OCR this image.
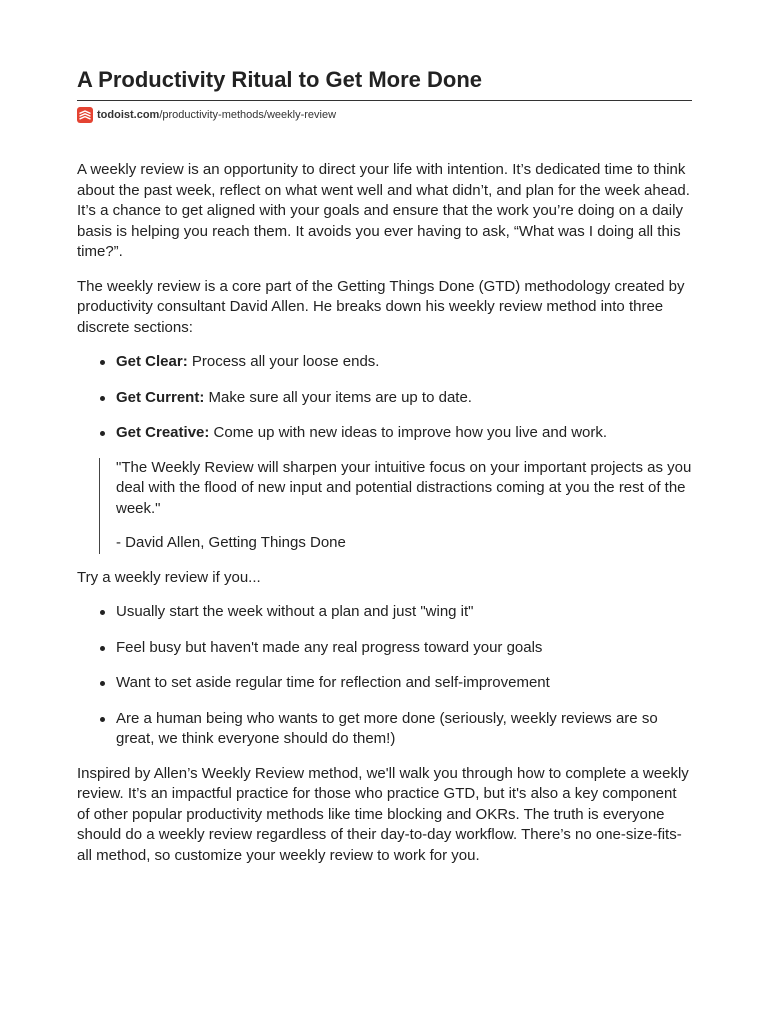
A Productivity Ritual to Get More Done
todoist.com /productivity-methods/weekly-review

A weekly review is an opportunity to direct your life with intention. It’s dedicated time to think about the past week, reflect on what went well and what didn’t, and plan for the week ahead. It’s a chance to get aligned with your goals and ensure that the work you’re doing on a daily basis is helping you reach them. It avoids you ever having to ask, “What was I doing all this time?”.

The weekly review is a core part of the Getting Things Done (GTD) methodology created by productivity consultant David Allen. He breaks down his weekly review method into three discrete sections:

Get Clear: Process all your loose ends.
Get Current: Make sure all your items are up to date.
Get Creative: Come up with new ideas to improve how you live and work.

"The Weekly Review will sharpen your intuitive focus on your important projects as you deal with the flood of new input and potential distractions coming at you the rest of the week."

- David Allen, Getting Things Done

Try a weekly review if you...

Usually start the week without a plan and just "wing it"
Feel busy but haven't made any real progress toward your goals
Want to set aside regular time for reflection and self-improvement
Are a human being who wants to get more done (seriously, weekly reviews are so great, we think everyone should do them!)

Inspired by Allen’s Weekly Review method, we'll walk you through how to complete a weekly review. It’s an impactful practice for those who practice GTD, but it's also a key component of other popular productivity methods like time blocking and OKRs. The truth is everyone should do a weekly review regardless of their day-to-day workflow. There’s no one-size-fits-all method, so customize your weekly review to work for you.
